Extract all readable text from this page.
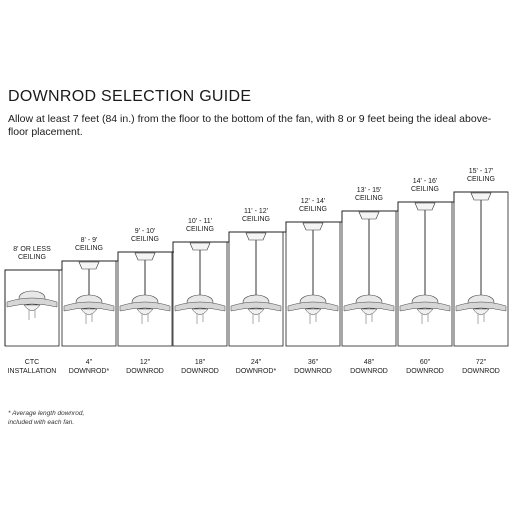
DOWNROD SELECTION GUIDE

Allow at least 7 feet (84 in.) from the floor to the bottom of the fan, with 8 or 9 feet being the ideal above-floor placement.

8' OR LESS
CEILING
CTC
INSTALLATION
8' - 9'
CEILING
4"
DOWNROD*
9' - 10'
CEILING
12"
DOWNROD
10' - 11'
CEILING
18"
DOWNROD
11' - 12'
CEILING
24"
DOWNROD*
12' - 14'
CEILING
36"
DOWNROD
13' - 15'
CEILING
48"
DOWNROD
14' - 16'
CEILING
60"
DOWNROD
15' - 17'
CEILING
72"
DOWNROD
* Average length downrod,
included with each fan.
